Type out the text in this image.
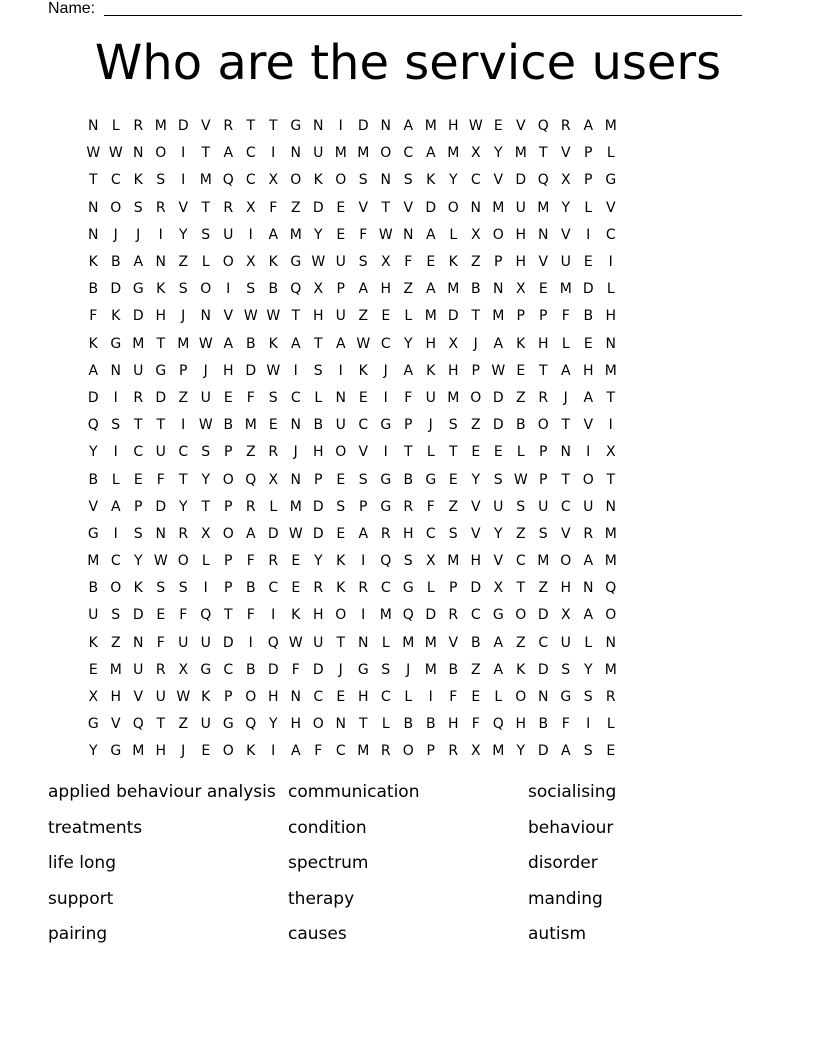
Name:
Who are the service users
N L R M D V R T T G N	I	D N A M H W E V Q R A M
W W N O	I	T A C	I	N U M M O C A M X Y M T V P	L
T C K S	I	M Q C X O K O S N S K Y C V D Q X P G
N O S R V T R X F Z D E V T V D O N M U M Y	L V
N	J	J	I	Y S U	I	A M Y E	F W N A L X O H N V	I	C
K B A N Z L O X K G W U S X F	E K Z P H V U E	I
B D G K S O	I	S B Q X P A H Z A M B N X E M D L
F K D H	J	N V W W T H U Z E	L M D T M P	P	F B H
K G M T M W A B K A T A W C Y H X	J	A K H L	E N
A N U G P	J	H D W I	S	I	K	J	A K H P W E T A H M
D	I	R D Z U E	F	S C L N E	I	F U M O D Z R	J	A T
Q S T T	I W B M E N B U C G P	J	S Z D B O T V	I
Y	I	C U C S P Z R	J	H O V	I	T	L	T E E	L	P N	I	X
B L	E	F	T Y O Q X N P E S G B G E Y S W P	T O T
V A P D Y T P R L M D S P G R F Z V U S U C U N
G	I	S N R X O A D W D E A R H C S V Y Z S V R M
M C Y W O L	P	F R E Y K	I	Q S X M H V C M O A M
B O K S S	I	P B C E R K R C G L	P D X T Z H N Q
U S D E	F Q T	F	I	K H O	I	M Q D R C G O D X A O
K Z N F U U D	I	Q W U T N L M M V B A Z C U L N
E M U R X G C B D F D	J	G S	J	M B Z A K D S Y M
X H V U W K P O H N C E H C L	I	F	E	L O N G S R
G V Q T Z U G Q Y H O N T	L B B H F Q H B F	I	L
Y G M H	J	E O K	I	A F C M R O P R X M Y D A S E
applied behaviour analysis communication	socialising
treatments	condition	behaviour
life long	spectrum	disorder
support	therapy	manding
pairing	causes	autism
